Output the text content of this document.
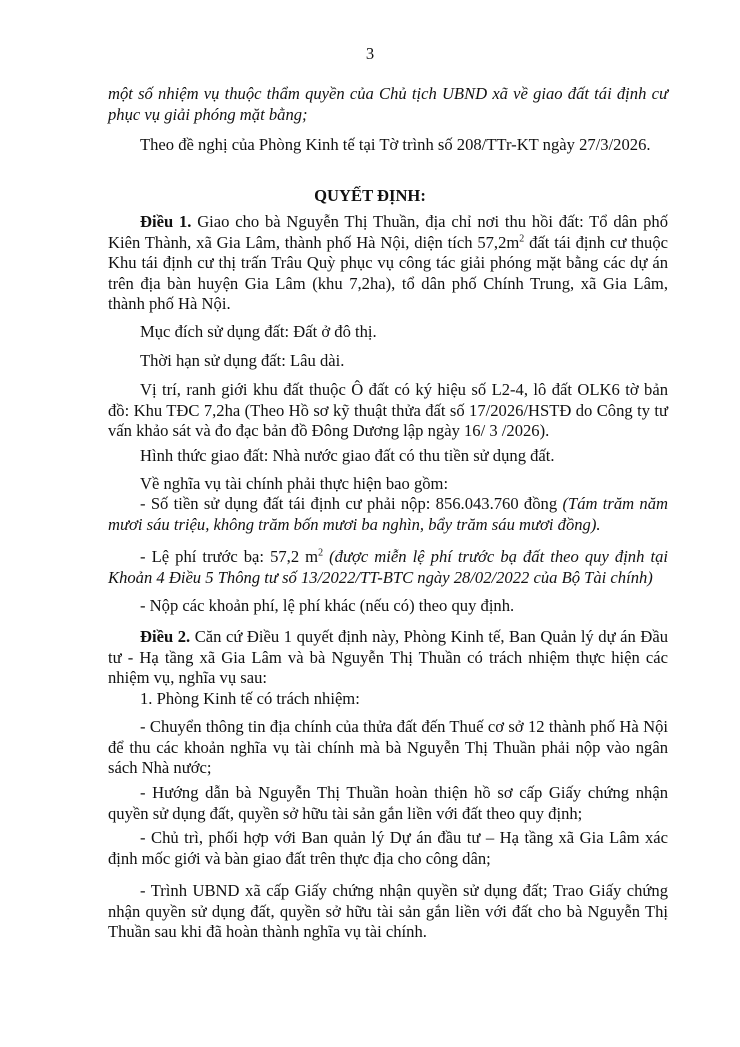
3
một số nhiệm vụ thuộc thẩm quyền của Chủ tịch UBND xã về giao đất tái định cư phục vụ giải phóng mặt bằng;
Theo đề nghị của Phòng Kinh tế tại Tờ trình số 208/TTr-KT ngày 27/3/2026.
QUYẾT ĐỊNH:
Điều 1. Giao cho bà Nguyễn Thị Thuần, địa chỉ nơi thu hồi đất: Tổ dân phố Kiên Thành, xã Gia Lâm, thành phố Hà Nội, diện tích $57,2m^2$ đất tái định cư thuộc Khu tái định cư thị trấn Trâu Quỳ phục vụ công tác giải phóng mặt bằng các dự án trên địa bàn huyện Gia Lâm (khu 7,2ha), tổ dân phố Chính Trung, xã Gia Lâm, thành phố Hà Nội.
Mục đích sử dụng đất: Đất ở đô thị.
Thời hạn sử dụng đất: Lâu dài.
Vị trí, ranh giới khu đất thuộc Ô đất có ký hiệu số L2-4, lô đất OLK6 tờ bản đồ: Khu TĐC 7,2ha (Theo Hồ sơ kỹ thuật thửa đất số 17/2026/HSTĐ do Công ty tư vấn khảo sát và đo đạc bản đồ Đông Dương lập ngày 16/ 3 /2026).
Hình thức giao đất: Nhà nước giao đất có thu tiền sử dụng đất.
Về nghĩa vụ tài chính phải thực hiện bao gồm:
- Số tiền sử dụng đất tái định cư phải nộp: 856.043.760 đồng (Tám trăm năm mươi sáu triệu, không trăm bốn mươi ba nghìn, bẩy trăm sáu mươi đồng).
- Lệ phí trước bạ: 57,2 $m^2$ (được miễn lệ phí trước bạ đất theo quy định tại Khoản 4 Điều 5 Thông tư số 13/2022/TT-BTC ngày 28/02/2022 của Bộ Tài chính)
- Nộp các khoản phí, lệ phí khác (nếu có) theo quy định.
Điều 2. Căn cứ Điều 1 quyết định này, Phòng Kinh tế, Ban Quản lý dự án Đầu tư - Hạ tầng xã Gia Lâm và bà Nguyễn Thị Thuần có trách nhiệm thực hiện các nhiệm vụ, nghĩa vụ sau:
1. Phòng Kinh tế có trách nhiệm:
- Chuyển thông tin địa chính của thửa đất đến Thuế cơ sở 12 thành phố Hà Nội để thu các khoản nghĩa vụ tài chính mà bà Nguyễn Thị Thuần phải nộp vào ngân sách Nhà nước;
- Hướng dẫn bà Nguyễn Thị Thuần hoàn thiện hồ sơ cấp Giấy chứng nhận quyền sử dụng đất, quyền sở hữu tài sản gắn liền với đất theo quy định;
- Chủ trì, phối hợp với Ban quản lý Dự án đầu tư – Hạ tầng xã Gia Lâm xác định mốc giới và bàn giao đất trên thực địa cho công dân;
- Trình UBND xã cấp Giấy chứng nhận quyền sử dụng đất; Trao Giấy chứng nhận quyền sử dụng đất, quyền sở hữu tài sản gắn liền với đất cho bà Nguyễn Thị Thuần sau khi đã hoàn thành nghĩa vụ tài chính.
